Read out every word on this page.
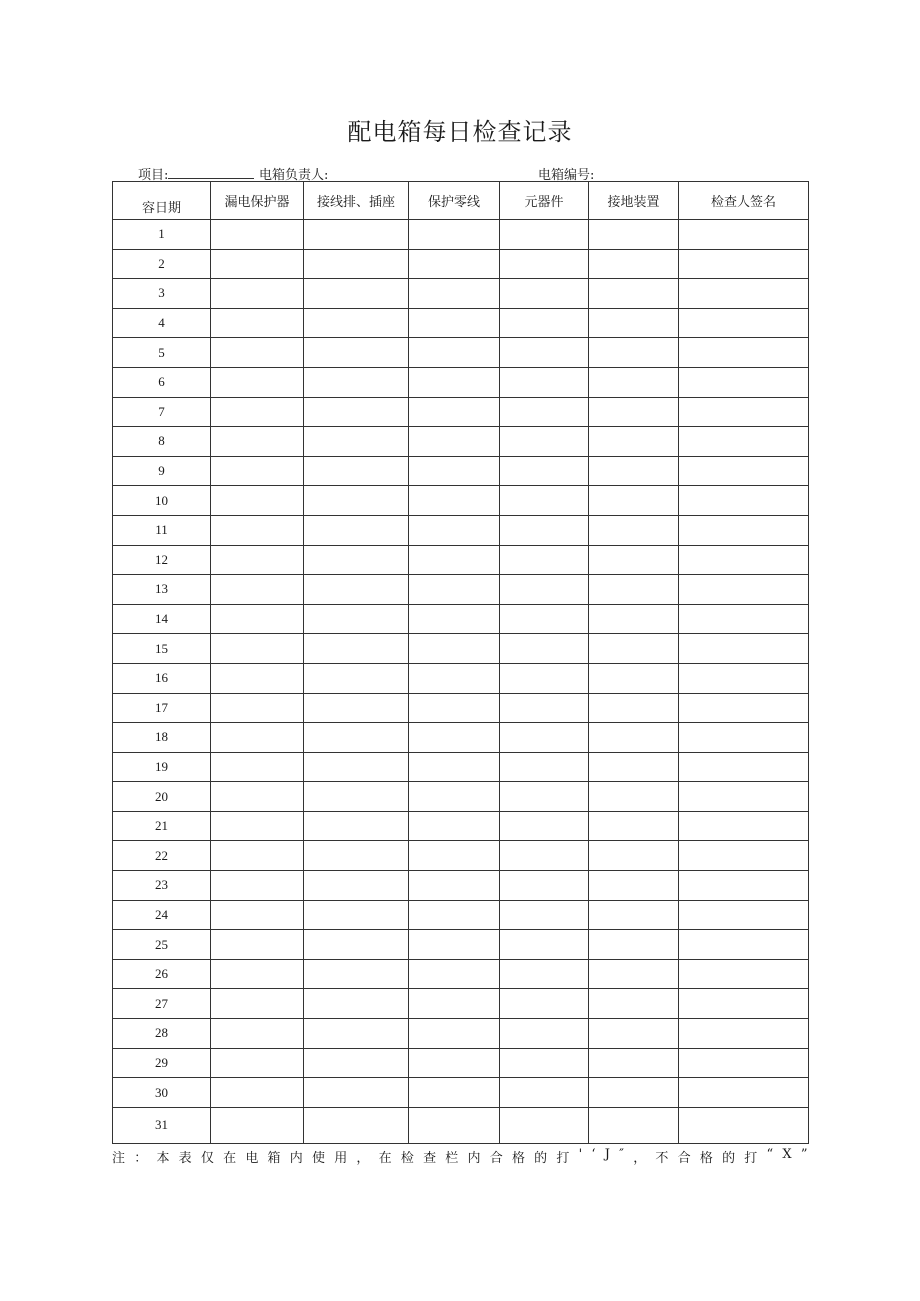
配电箱每日检查记录
项目:	电箱负责人:	电箱编号:
容日期	漏电保护器	接线排、插座	保护零线	元器件	接地装置	检查人签名
1						
2						
3						
4						
5						
6						
7						
8						
9						
10						
11						
12						
13						
14						
15						
16						
17						
18						
19						
20						
21						
22						
23						
24						
25						
26						
27						
28						
29						
30						
31						
注 ： 本 表 仅 在 电 箱 内 使 用 ， 在 检 查 栏 内 合 格 的 打 ' ‘ J ″ ， 不 合 格 的 打 “ X ”
